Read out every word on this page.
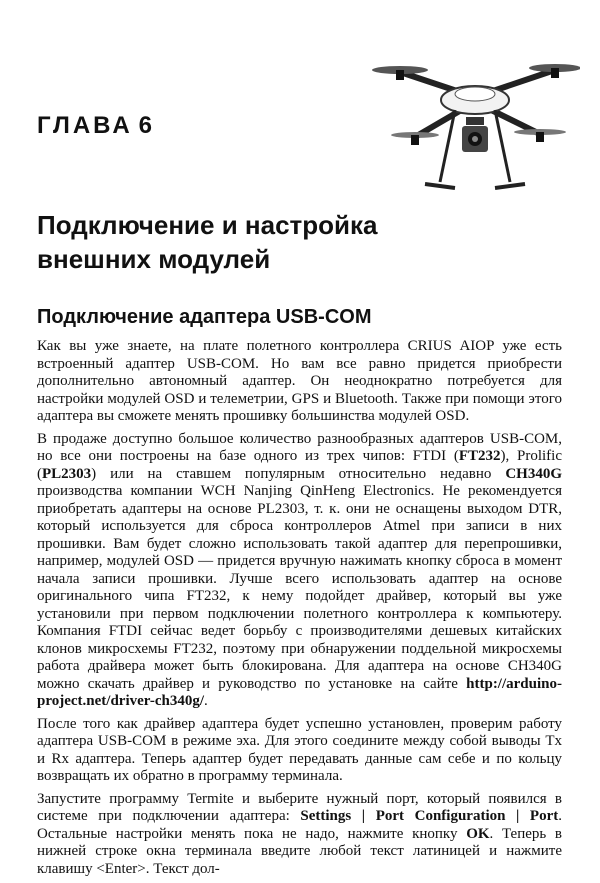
ГЛАВА 6
Подключение и настройка
внешних модулей
Подключение адаптера USB-COM

Как вы уже знаете, на плате полетного контроллера CRIUS AIOP уже есть встроенный адаптер USB-COM. Но вам все равно придется приобрести дополнительно автономный адаптер. Он неоднократно потребуется для настройки модулей OSD и телеметрии, GPS и Bluetooth. Также при помощи этого адаптера вы сможете менять прошивку большинства модулей OSD.

В продаже доступно большое количество разнообразных адаптеров USB-COM, но все они построены на базе одного из трех чипов: FTDI (FT232), Prolific (PL2303) или на ставшем популярным относительно недавно CH340G производства компании WCH Nanjing QinHeng Electronics. Не рекомендуется приобретать адаптеры на основе PL2303, т. к. они не оснащены выходом DTR, который используется для сброса контроллеров Atmel при записи в них прошивки. Вам будет сложно использовать такой адаптер для перепрошивки, например, модулей OSD — придется вручную нажимать кнопку сброса в момент начала записи прошивки. Лучше всего использовать адаптер на основе оригинального чипа FT232, к нему подойдет драйвер, который вы уже установили при первом подключении полетного контроллера к компьютеру. Компания FTDI сейчас ведет борьбу с производителями дешевых китайских клонов микросхемы FT232, поэтому при обнаружении поддельной микросхемы работа драйвера может быть блокирована. Для адаптера на основе CH340G можно скачать драйвер и руководство по установке на сайте http://arduino-project.net/driver-ch340g/.

После того как драйвер адаптера будет успешно установлен, проверим работу адаптера USB-COM в режиме эха. Для этого соедините между собой выводы Tx и Rx адаптера. Теперь адаптер будет передавать данные сам себе и по кольцу возвращать их обратно в программу терминала.

Запустите программу Termite и выберите нужный порт, который появился в системе при подключении адаптера: Settings | Port Configuration | Port. Остальные настройки менять пока не надо, нажмите кнопку OK. Теперь в нижней строке окна терминала введите любой текст латиницей и нажмите клавишу <Enter>. Текст дол-
